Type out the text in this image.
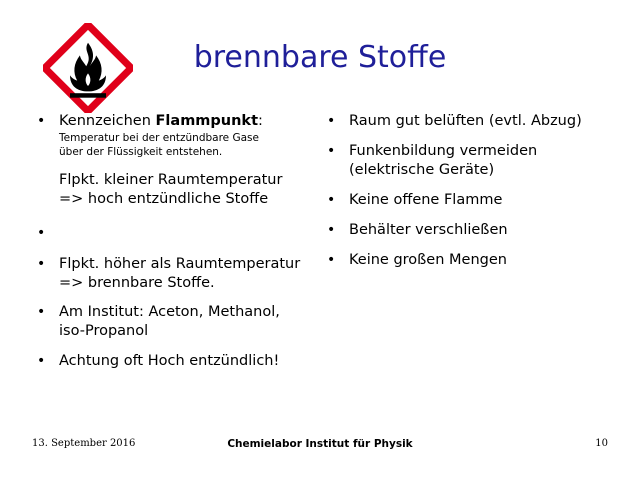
brennbare Stoffe
• Kennzeichen Flammpunkt:
Temperatur bei der entzündbare Gase
über der Flüssigkeit entstehen.
Flpkt. kleiner Raumtemperatur
=> hoch entzündliche Stoffe
•
• Flpkt. höher als Raumtemperatur
=> brennbare Stoffe.
• Am Institut: Aceton, Methanol,
iso-Propanol
• Achtung oft Hoch entzündlich!
• Raum gut belüften (evtl. Abzug)
• Funkenbildung vermeiden
(elektrische Geräte)
• Keine offene Flamme
• Behälter verschließen
• Keine großen Mengen
13. September 2016	Chemielabor Institut für Physik	10
